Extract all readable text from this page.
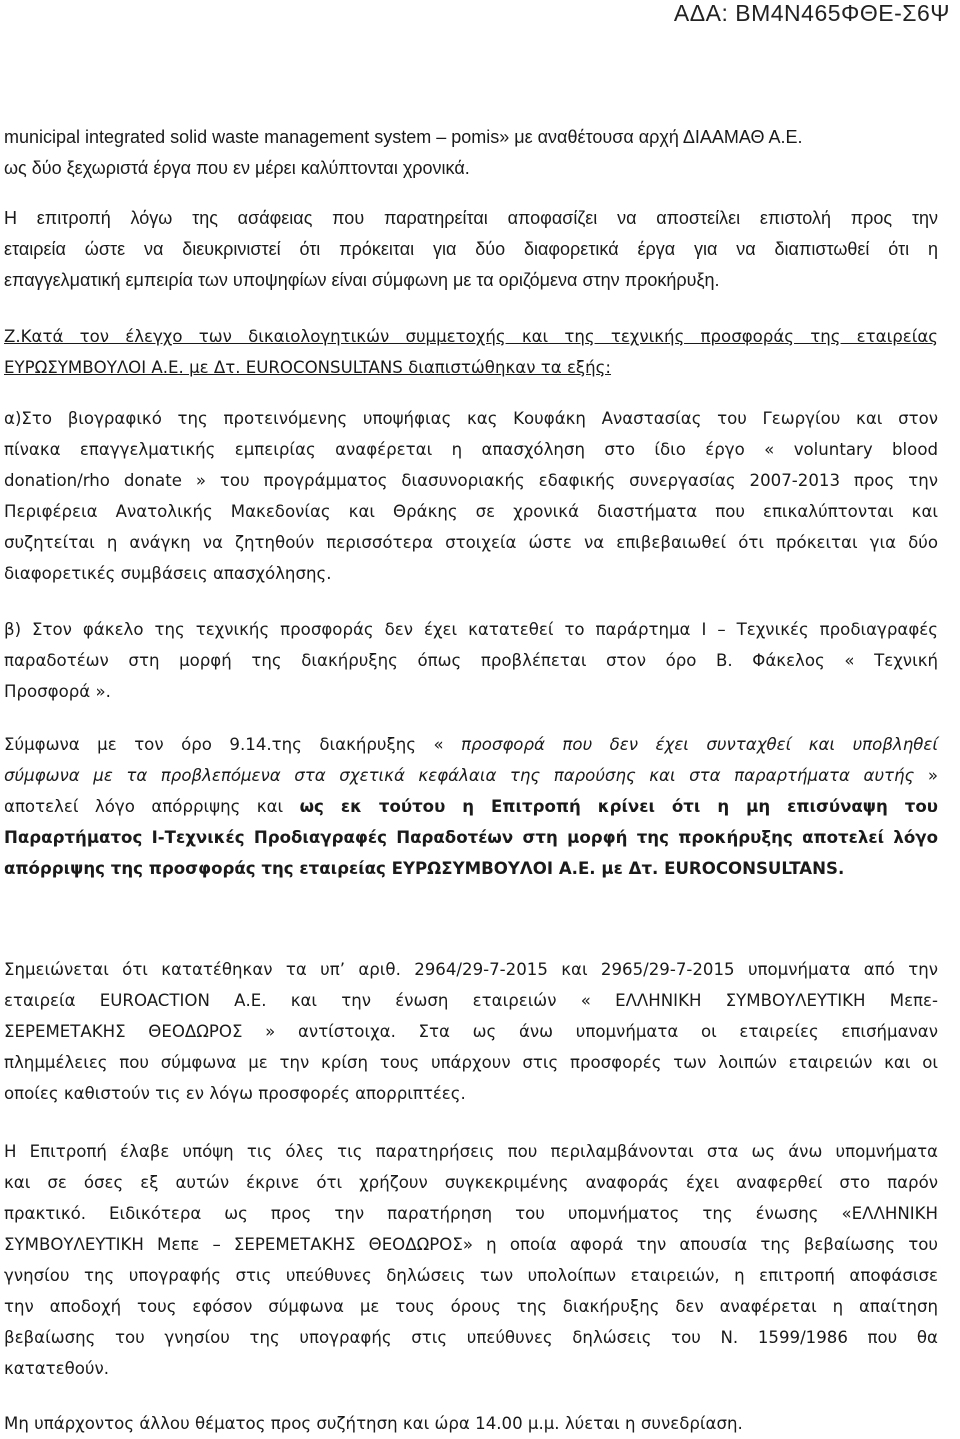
ΑΔΑ: ΒΜ4Ν465ΦΘΕ-Σ6Ψ
municipal integrated solid waste management system – pomis» με αναθέτουσα αρχή ΔΙΑΑΜΑΘ Α.Ε.
ως δύο ξεχωριστά έργα που εν μέρει καλύπτονται χρονικά.
Η επιτροπή λόγω της ασάφειας που παρατηρείται αποφασίζει να αποστείλει επιστολή προς την
εταιρεία ώστε να διευκρινιστεί ότι πρόκειται για δύο διαφορετικά έργα για να διαπιστωθεί ότι η
επαγγελματική εμπειρία των υποψηφίων είναι σύμφωνη με τα οριζόμενα στην προκήρυξη.
Ζ.Κατά τον έλεγχο των δικαιολογητικών συμμετοχής και της τεχνικής προσφοράς της εταιρείας
ΕΥΡΩΣΥΜΒΟΥΛΟΙ Α.Ε. με Δτ. EUROCONSULTANS διαπιστώθηκαν τα εξής:
α)Στο βιογραφικό της προτεινόμενης υποψήφιας κας Κουφάκη Αναστασίας του Γεωργίου και στον
πίνακα επαγγελματικής εμπειρίας αναφέρεται η απασχόληση στο ίδιο έργο « voluntary blood
donation/rho donate » του προγράμματος διασυνοριακής εδαφικής συνεργασίας 2007-2013 προς την
Περιφέρεια Ανατολικής Μακεδονίας και Θράκης σε χρονικά διαστήματα που επικαλύπτονται και
συζητείται η ανάγκη να ζητηθούν περισσότερα στοιχεία ώστε να επιβεβαιωθεί ότι πρόκειται για δύο
διαφορετικές συμβάσεις απασχόλησης.
β) Στον φάκελο της τεχνικής προσφοράς δεν έχει κατατεθεί το παράρτημα Ι – Τεχνικές προδιαγραφές
παραδοτέων στη μορφή της διακήρυξης όπως προβλέπεται στον όρο Β. Φάκελος « Τεχνική
Προσφορά ».
Σύμφωνα με τον όρο 9.14.της διακήρυξης « προσφορά που δεν έχει συνταχθεί και υποβληθεί
σύμφωνα με τα προβλεπόμενα στα σχετικά κεφάλαια της παρούσης και στα παραρτήματα αυτής »
αποτελεί λόγο απόρριψης και ως εκ τούτου η Επιτροπή κρίνει ότι η μη επισύναψη του
Παραρτήματος Ι-Τεχνικές Προδιαγραφές Παραδοτέων στη μορφή της προκήρυξης αποτελεί λόγο
απόρριψης της προσφοράς της εταιρείας ΕΥΡΩΣΥΜΒΟΥΛΟΙ Α.Ε. με Δτ. EUROCONSULTANS.
Σημειώνεται ότι κατατέθηκαν τα υπ’ αριθ. 2964/29-7-2015 και 2965/29-7-2015 υπομνήματα από την
εταιρεία EUROACTION Α.Ε. και την ένωση εταιρειών « ΕΛΛΗΝΙΚΗ ΣΥΜΒΟΥΛΕΥΤΙΚΗ Μεπε-
ΣΕΡΕΜΕΤΑΚΗΣ ΘΕΟΔΩΡΟΣ » αντίστοιχα. Στα ως άνω υπομνήματα οι εταιρείες επισήμαναν
πλημμέλειες που σύμφωνα με την κρίση τους υπάρχουν στις προσφορές των λοιπών εταιρειών και οι
οποίες καθιστούν τις εν λόγω προσφορές απορριπτέες.
Η Επιτροπή έλαβε υπόψη τις όλες τις παρατηρήσεις που περιλαμβάνονται στα ως άνω υπομνήματα
και σε όσες εξ αυτών έκρινε ότι χρήζουν συγκεκριμένης αναφοράς έχει αναφερθεί στο παρόν
πρακτικό. Ειδικότερα ως προς την παρατήρηση του υπομνήματος της ένωσης «ΕΛΛΗΝΙΚΗ
ΣΥΜΒΟΥΛΕΥΤΙΚΗ Μεπε – ΣΕΡΕΜΕΤΑΚΗΣ ΘΕΟΔΩΡΟΣ» η οποία αφορά την απουσία της βεβαίωσης του
γνησίου της υπογραφής στις υπεύθυνες δηλώσεις των υπολοίπων εταιρειών, η επιτροπή αποφάσισε
την αποδοχή τους εφόσον σύμφωνα με τους όρους της διακήρυξης δεν αναφέρεται η απαίτηση
βεβαίωσης του γνησίου της υπογραφής στις υπεύθυνες δηλώσεις του Ν. 1599/1986 που θα
κατατεθούν.
Μη υπάρχοντος άλλου θέματος προς συζήτηση και ώρα 14.00 μ.μ. λύεται η συνεδρίαση.
